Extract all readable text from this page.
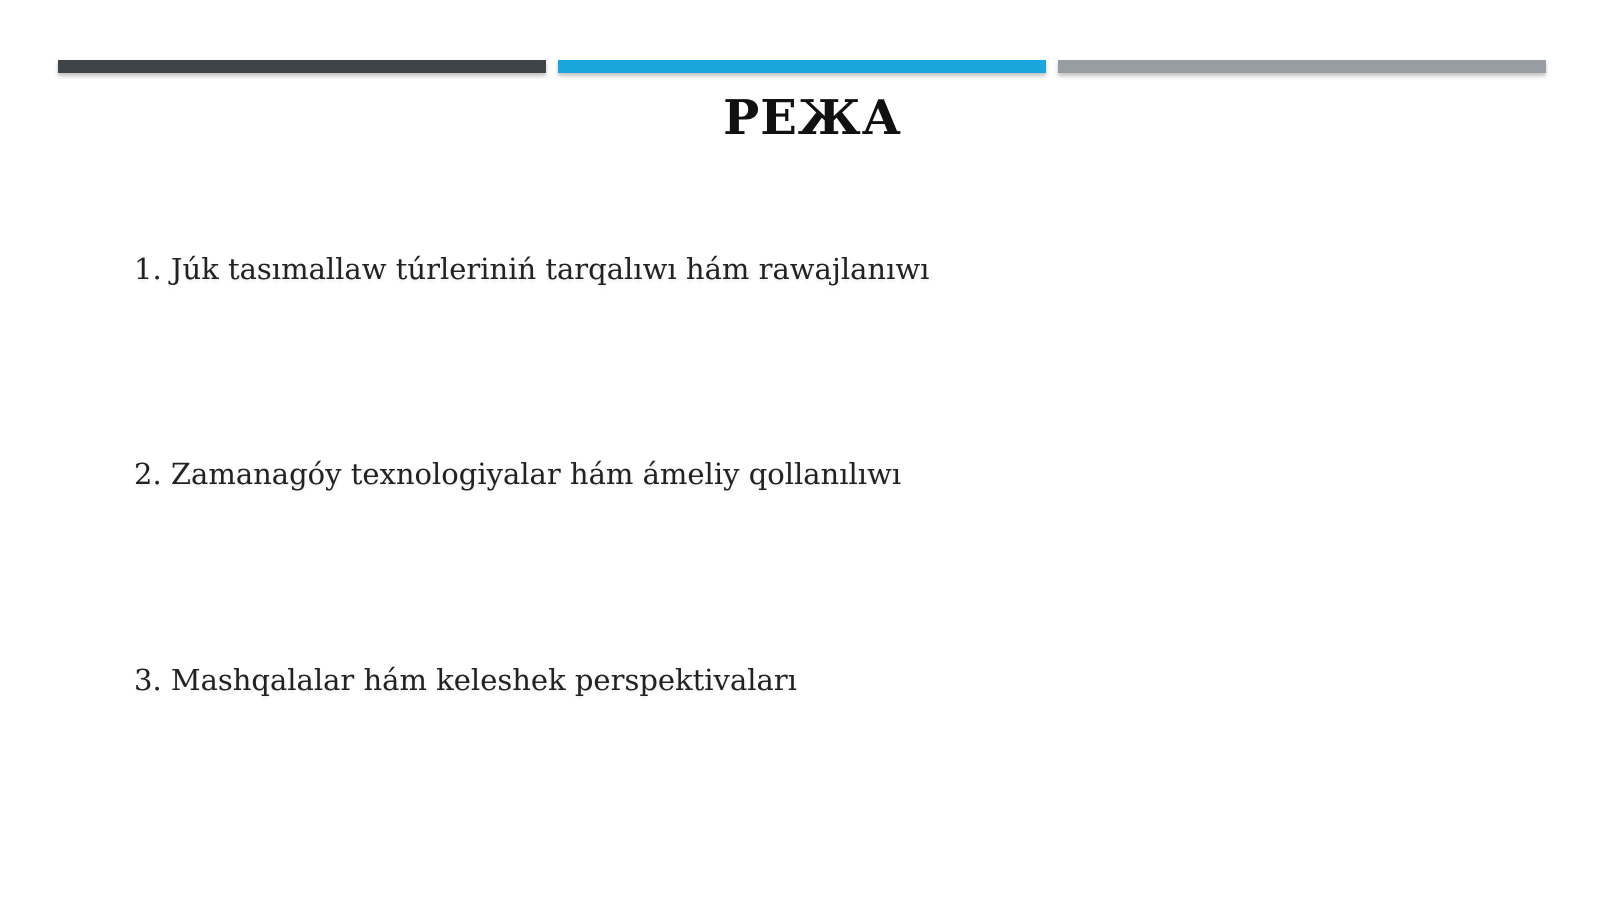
РЕЖА
1. Júk tasımallaw túrleriniń tarqalıwı hám rawajlanıwı
2. Zamanagóy texnologiyalar hám ámeliy qollanılıwı
3. Mashqalalar hám keleshek perspektivaları
